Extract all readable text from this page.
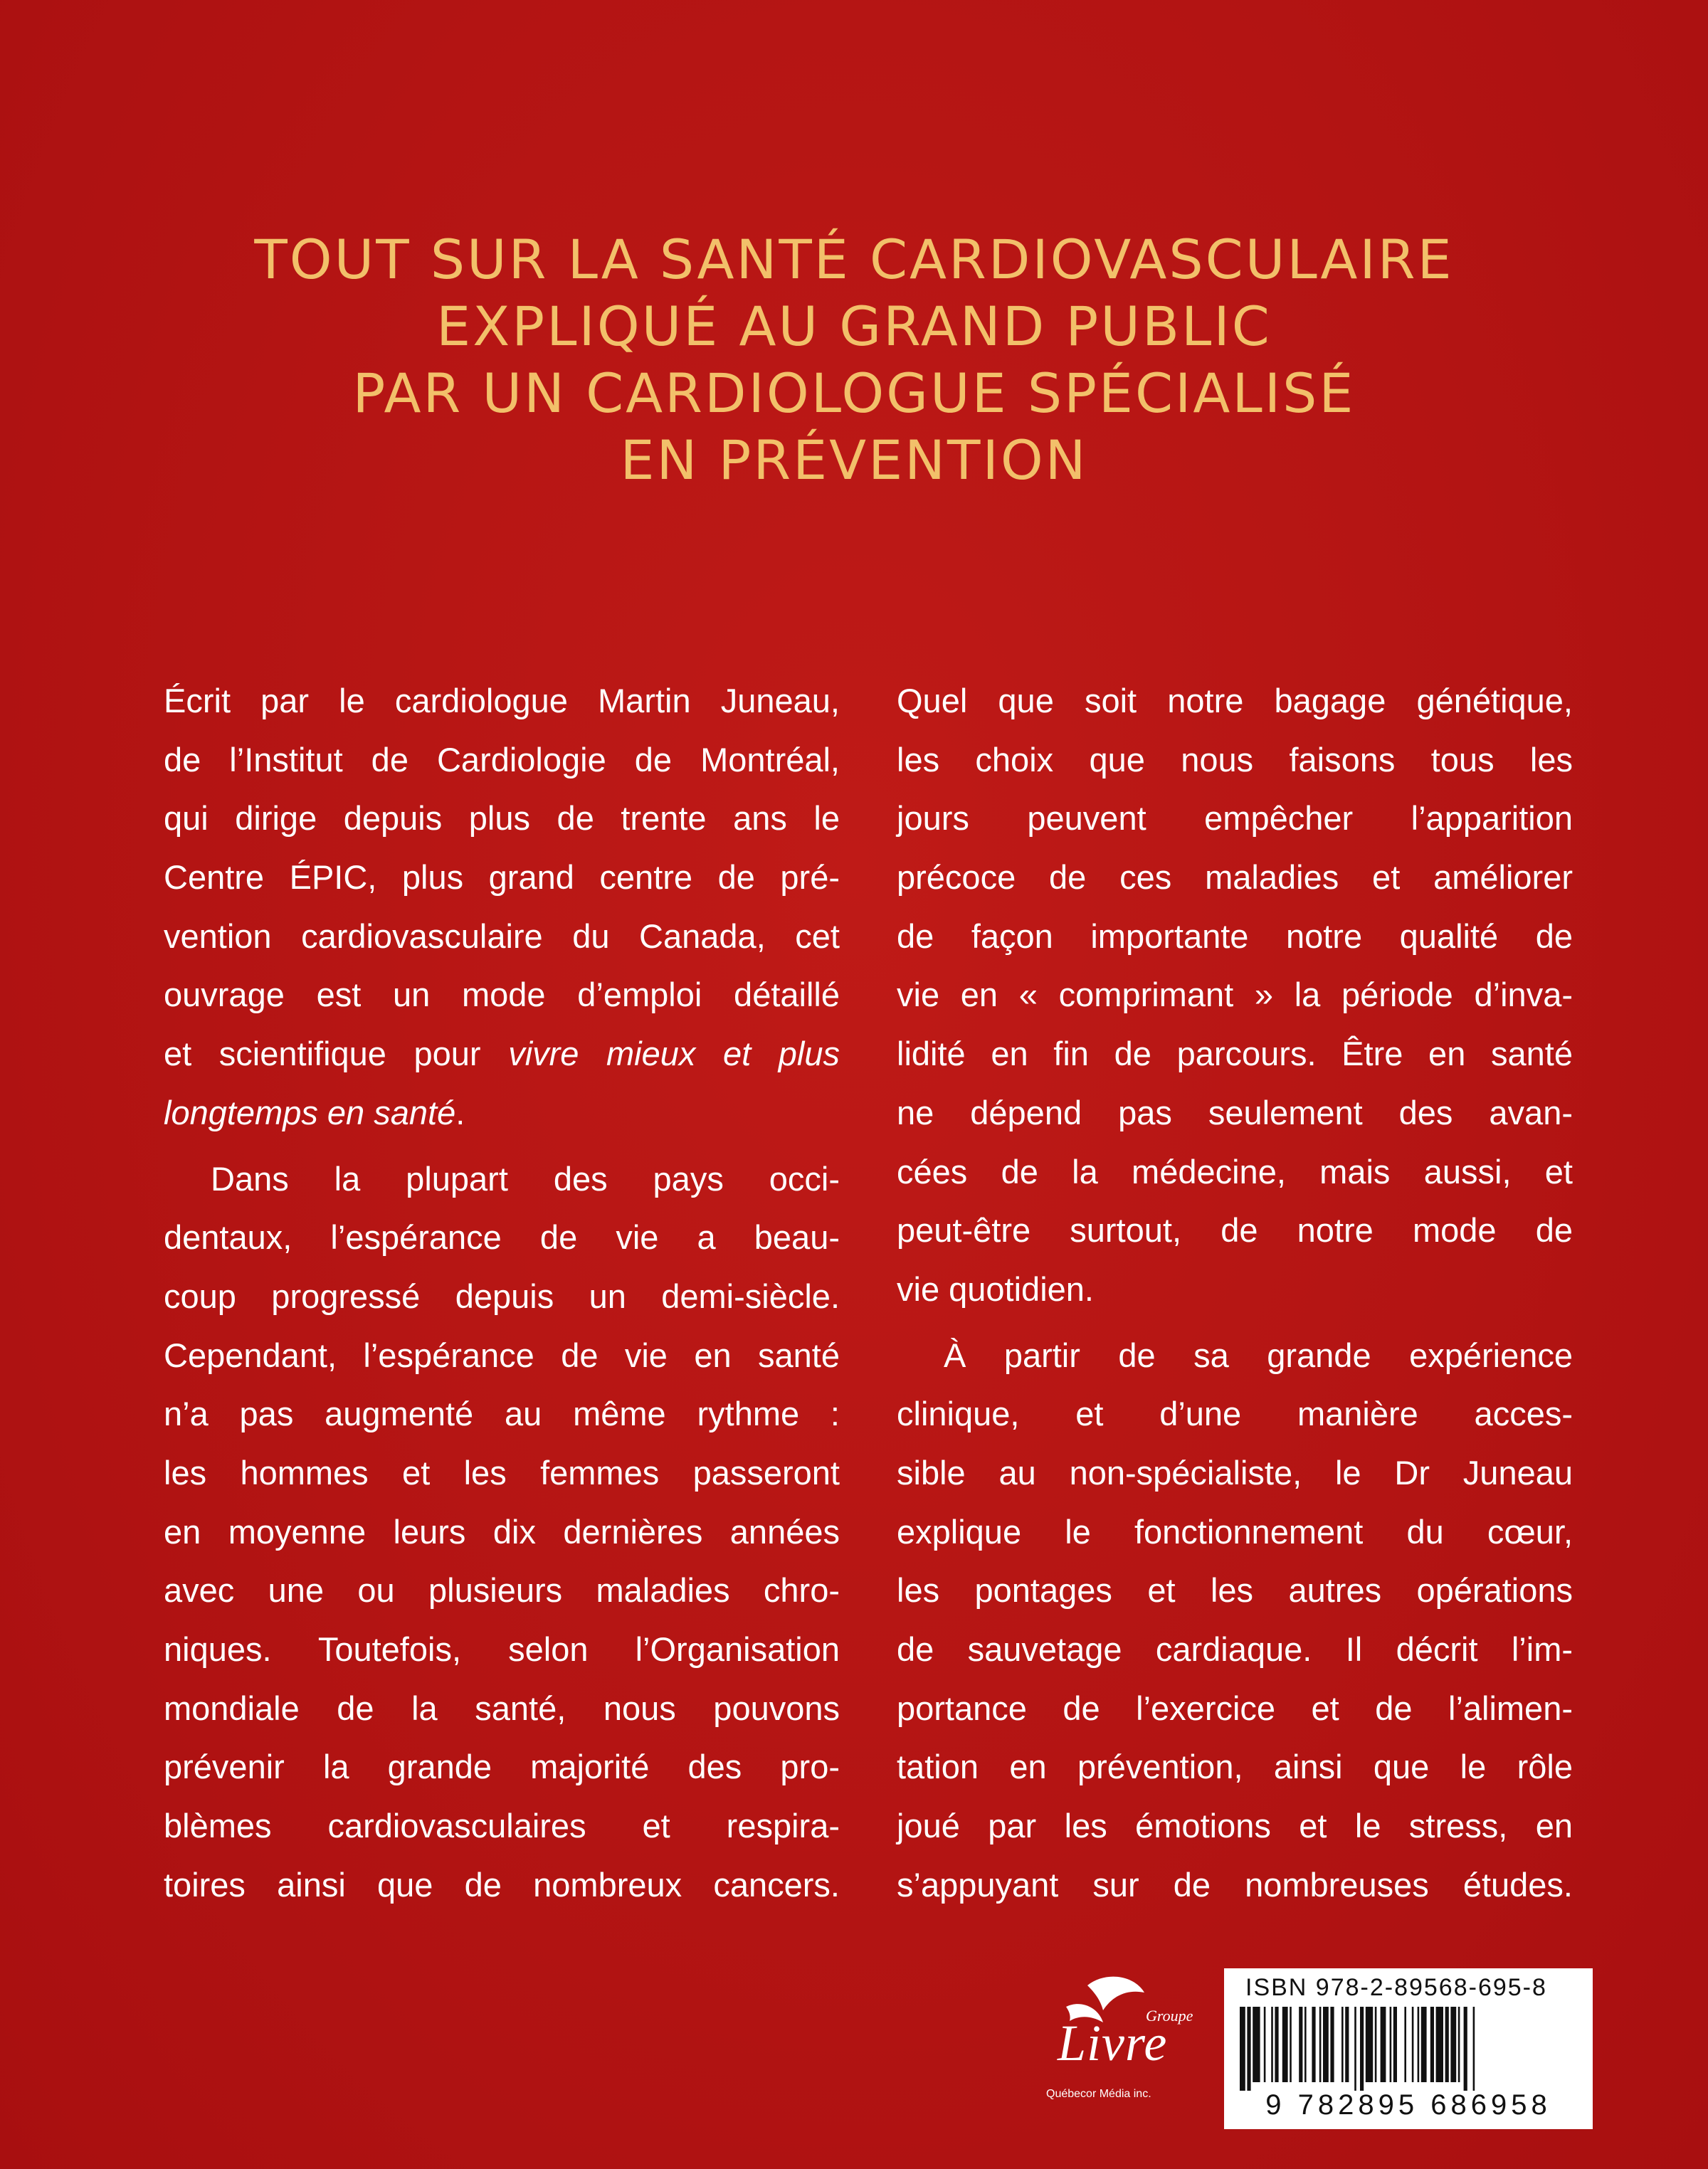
TOUT SUR LA SANTÉ CARDIOVASCULAIRE
EXPLIQUÉ AU GRAND PUBLIC
PAR UN CARDIOLOGUE SPÉCIALISÉ
EN PRÉVENTION
Écrit par le cardiologue Martin Juneau,
de l’Institut de Cardiologie de Montréal,
qui dirige depuis plus de trente ans le
Centre ÉPIC, plus grand centre de pré-
vention cardiovasculaire du Canada, cet
ouvrage est un mode d’emploi détaillé
et scientifique pour vivre mieux et plus
longtemps en santé.
Dans la plupart des pays occi-
dentaux, l’espérance de vie a beau-
coup progressé depuis un demi-siècle.
Cependant, l’espérance de vie en santé
n’a pas augmenté au même rythme :
les hommes et les femmes passeront
en moyenne leurs dix dernières années
avec une ou plusieurs maladies chro-
niques. Toutefois, selon l’Organisation
mondiale de la santé, nous pouvons
prévenir la grande majorité des pro-
blèmes cardiovasculaires et respira-
toires ainsi que de nombreux cancers.
Quel que soit notre bagage génétique,
les choix que nous faisons tous les
jours peuvent empêcher l’apparition
précoce de ces maladies et améliorer
de façon importante notre qualité de
vie en « comprimant » la période d’inva-
lidité en fin de parcours. Être en santé
ne dépend pas seulement des avan-
cées de la médecine, mais aussi, et
peut-être surtout, de notre mode de
vie quotidien.
À partir de sa grande expérience
clinique, et d’une manière acces-
sible au non-spécialiste, le Dr Juneau
explique le fonctionnement du cœur,
les pontages et les autres opérations
de sauvetage cardiaque. Il décrit l’im-
portance de l’exercice et de l’alimen-
tation en prévention, ainsi que le rôle
joué par les émotions et le stress, en
s’appuyant sur de nombreuses études.
Groupe
Livre
Québecor Média inc.
ISBN 978-2-89568-695-8
9 782895 686958
